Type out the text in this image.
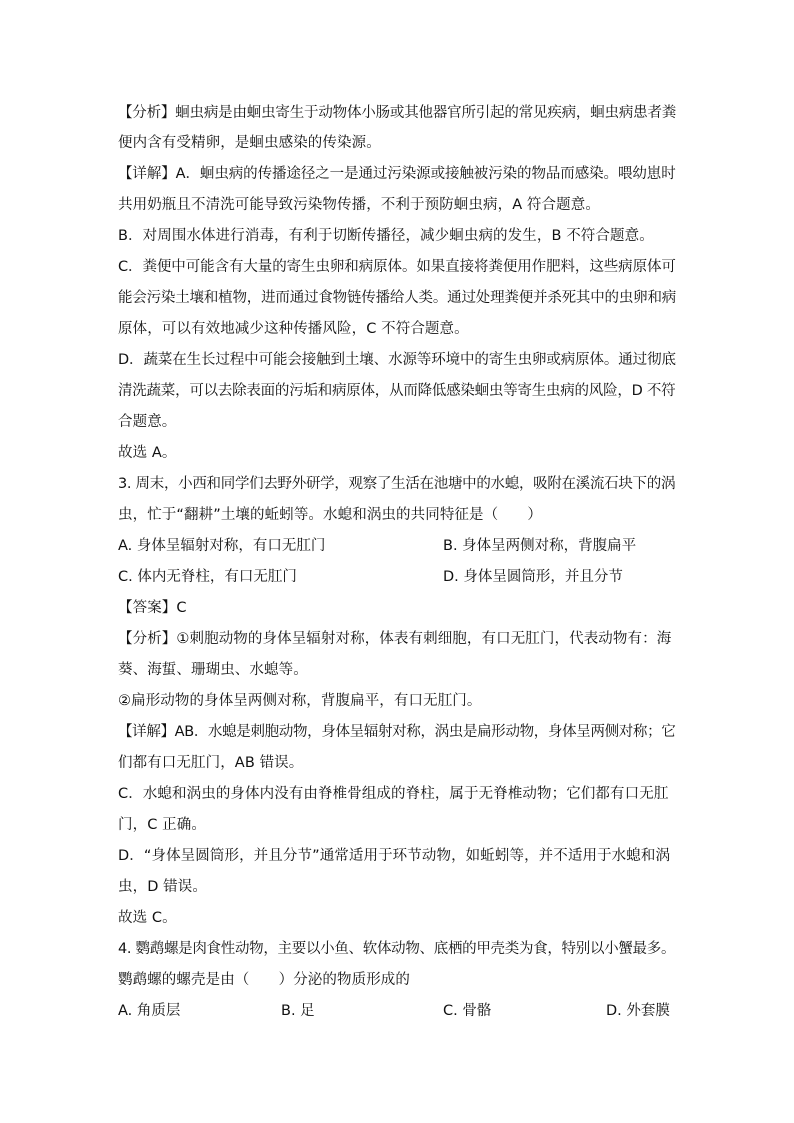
【分析】蛔虫病是由蛔虫寄生于动物体小肠或其他器官所引起的常见疾病，蛔虫病患者粪
便内含有受精卵，是蛔虫感染的传染源。
【详解】A．蛔虫病的传播途径之一是通过污染源或接触被污染的物品而感染。喂幼崽时
共用奶瓶且不清洗可能导致污染物传播，不利于预防蛔虫病，A 符合题意。
B．对周围水体进行消毒，有利于切断传播径，减少蛔虫病的发生，B 不符合题意。
C．粪便中可能含有大量的寄生虫卵和病原体。如果直接将粪便用作肥料，这些病原体可
能会污染土壤和植物，进而通过食物链传播给人类。通过处理粪便并杀死其中的虫卵和病
原体，可以有效地减少这种传播风险，C 不符合题意。
D．蔬菜在生长过程中可能会接触到土壤、水源等环境中的寄生虫卵或病原体。通过彻底
清洗蔬菜，可以去除表面的污垢和病原体，从而降低感染蛔虫等寄生虫病的风险，D 不符
合题意。
故选 A。
3. 周末，小西和同学们去野外研学，观察了生活在池塘中的水螅，吸附在溪流石块下的涡
虫，忙于“翻耕”土壤的蚯蚓等。水螅和涡虫的共同特征是（　　）
A. 身体呈辐射对称，有口无肛门	B. 身体呈两侧对称，背腹扁平
C. 体内无脊柱，有口无肛门	D. 身体呈圆筒形，并且分节
【答案】C
【分析】①刺胞动物的身体呈辐射对称，体表有刺细胞，有口无肛门，代表动物有：海
葵、海蜇、珊瑚虫、水螅等。
②扁形动物的身体呈两侧对称，背腹扁平，有口无肛门。
【详解】AB．水螅是刺胞动物，身体呈辐射对称，涡虫是扁形动物，身体呈两侧对称；它
们都有口无肛门，AB 错误。
C．水螅和涡虫的身体内没有由脊椎骨组成的脊柱，属于无脊椎动物；它们都有口无肛
门，C 正确。
D．“身体呈圆筒形，并且分节”通常适用于环节动物，如蚯蚓等，并不适用于水螅和涡
虫，D 错误。
故选 C。
4. 鹦鹉螺是肉食性动物，主要以小鱼、软体动物、底栖的甲壳类为食，特别以小蟹最多。
鹦鹉螺的螺壳是由（　　）分泌的物质形成的
A. 角质层	B. 足	C. 骨骼	D. 外套膜
